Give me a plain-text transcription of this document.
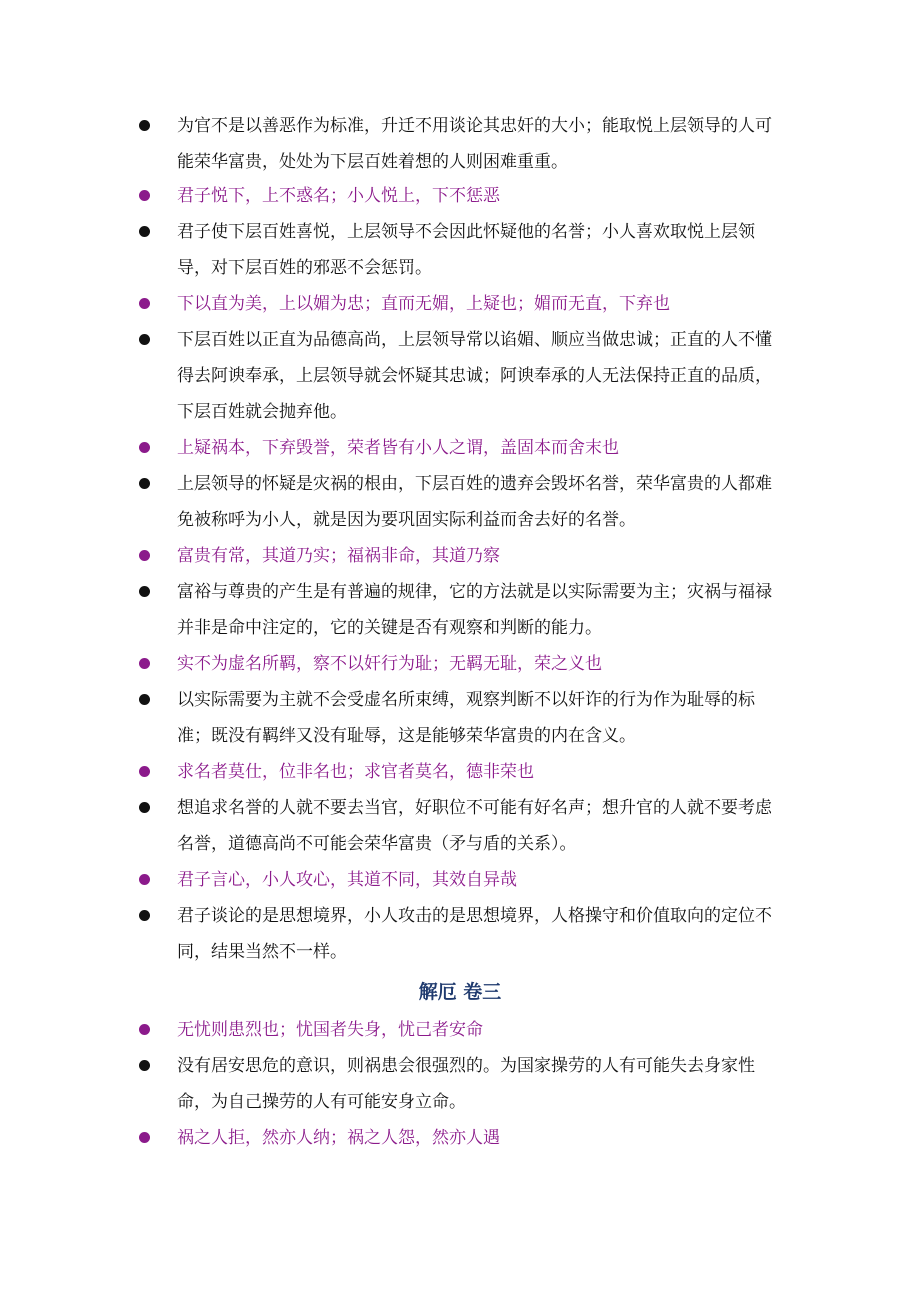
为官不是以善恶作为标准，升迁不用谈论其忠奸的大小；能取悦上层领导的人可能荣华富贵，处处为下层百姓着想的人则困难重重。

君子悦下，上不惑名；小人悦上，下不惩恶

君子使下层百姓喜悦，上层领导不会因此怀疑他的名誉；小人喜欢取悦上层领导，对下层百姓的邪恶不会惩罚。

下以直为美，上以媚为忠；直而无媚，上疑也；媚而无直，下弃也

下层百姓以正直为品德高尚，上层领导常以谄媚、顺应当做忠诚；正直的人不懂得去阿谀奉承，上层领导就会怀疑其忠诚；阿谀奉承的人无法保持正直的品质，下层百姓就会抛弃他。

上疑祸本，下弃毁誉，荣者皆有小人之谓，盖固本而舍末也

上层领导的怀疑是灾祸的根由，下层百姓的遗弃会毁坏名誉，荣华富贵的人都难免被称呼为小人，就是因为要巩固实际利益而舍去好的名誉。

富贵有常，其道乃实；福祸非命，其道乃察

富裕与尊贵的产生是有普遍的规律，它的方法就是以实际需要为主；灾祸与福禄并非是命中注定的，它的关键是否有观察和判断的能力。

实不为虚名所羁，察不以奸行为耻；无羁无耻，荣之义也

以实际需要为主就不会受虚名所束缚，观察判断不以奸诈的行为作为耻辱的标准；既没有羁绊又没有耻辱，这是能够荣华富贵的内在含义。

求名者莫仕，位非名也；求官者莫名，德非荣也

想追求名誉的人就不要去当官，好职位不可能有好名声；想升官的人就不要考虑名誉，道德高尚不可能会荣华富贵（矛与盾的关系）。

君子言心，小人攻心，其道不同，其效自异哉

君子谈论的是思想境界，小人攻击的是思想境界，人格操守和价值取向的定位不同，结果当然不一样。

解厄 卷三

无忧则患烈也；忧国者失身，忧己者安命

没有居安思危的意识，则祸患会很强烈的。为国家操劳的人有可能失去身家性命，为自己操劳的人有可能安身立命。

祸之人拒，然亦人纳；祸之人怨，然亦人遇
